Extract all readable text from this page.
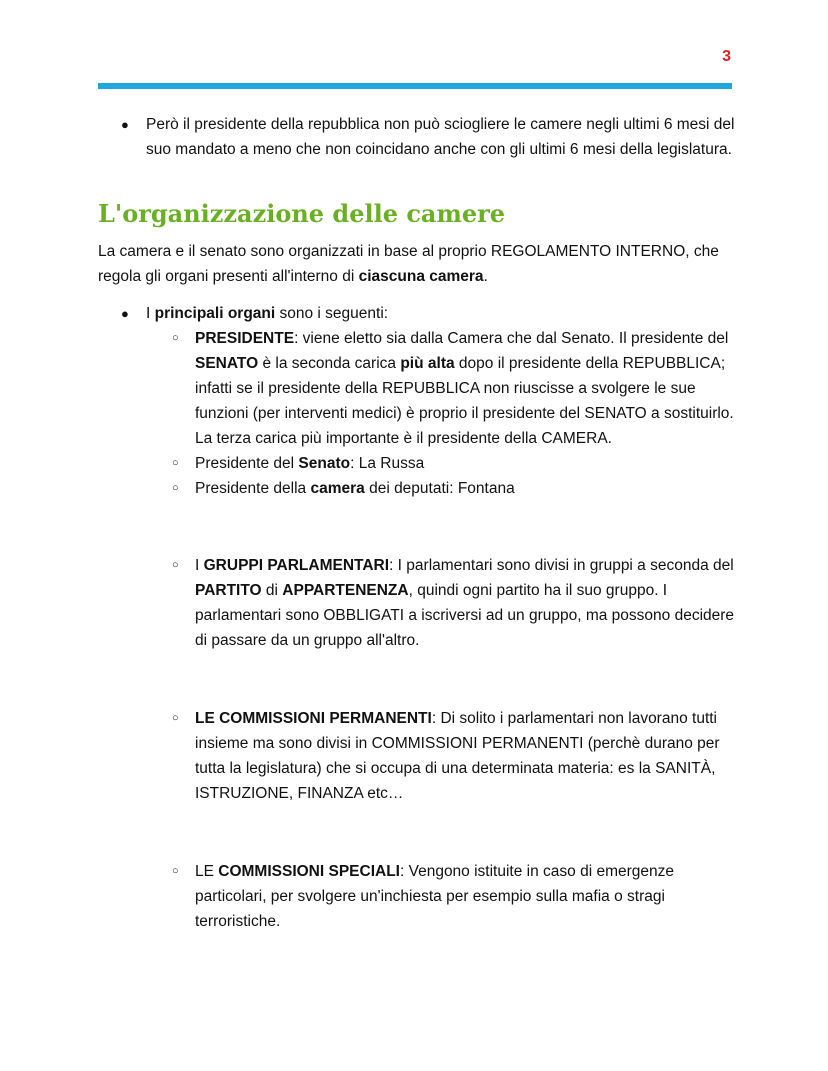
3
● Però il presidente della repubblica non può sciogliere le camere negli ultimi 6 mesi del suo mandato a meno che non coincidano anche con gli ultimi 6 mesi della legislatura.
L'organizzazione delle camere

La camera e il senato sono organizzati in base al proprio REGOLAMENTO INTERNO, che regola gli organi presenti all'interno di ciascuna camera.

● I principali organi sono i seguenti:
○ PRESIDENTE: viene eletto sia dalla Camera che dal Senato. Il presidente del SENATO è la seconda carica più alta dopo il presidente della REPUBBLICA; infatti se il presidente della REPUBBLICA non riuscisse a svolgere le sue funzioni (per interventi medici) è proprio il presidente del SENATO a sostituirlo. La terza carica più importante è il presidente della CAMERA.
○ Presidente del Senato: La Russa
○ Presidente della camera dei deputati: Fontana
○ I GRUPPI PARLAMENTARI: I parlamentari sono divisi in gruppi a seconda del PARTITO di APPARTENENZA, quindi ogni partito ha il suo gruppo. I parlamentari sono OBBLIGATI a iscriversi ad un gruppo, ma possono decidere di passare da un gruppo all'altro.
○ LE COMMISSIONI PERMANENTI: Di solito i parlamentari non lavorano tutti insieme ma sono divisi in COMMISSIONI PERMANENTI (perchè durano per tutta la legislatura) che si occupa di una determinata materia: es la SANITÀ, ISTRUZIONE, FINANZA etc…
○ LE COMMISSIONI SPECIALI: Vengono istituite in caso di emergenze particolari, per svolgere un'inchiesta per esempio sulla mafia o stragi terroristiche.
